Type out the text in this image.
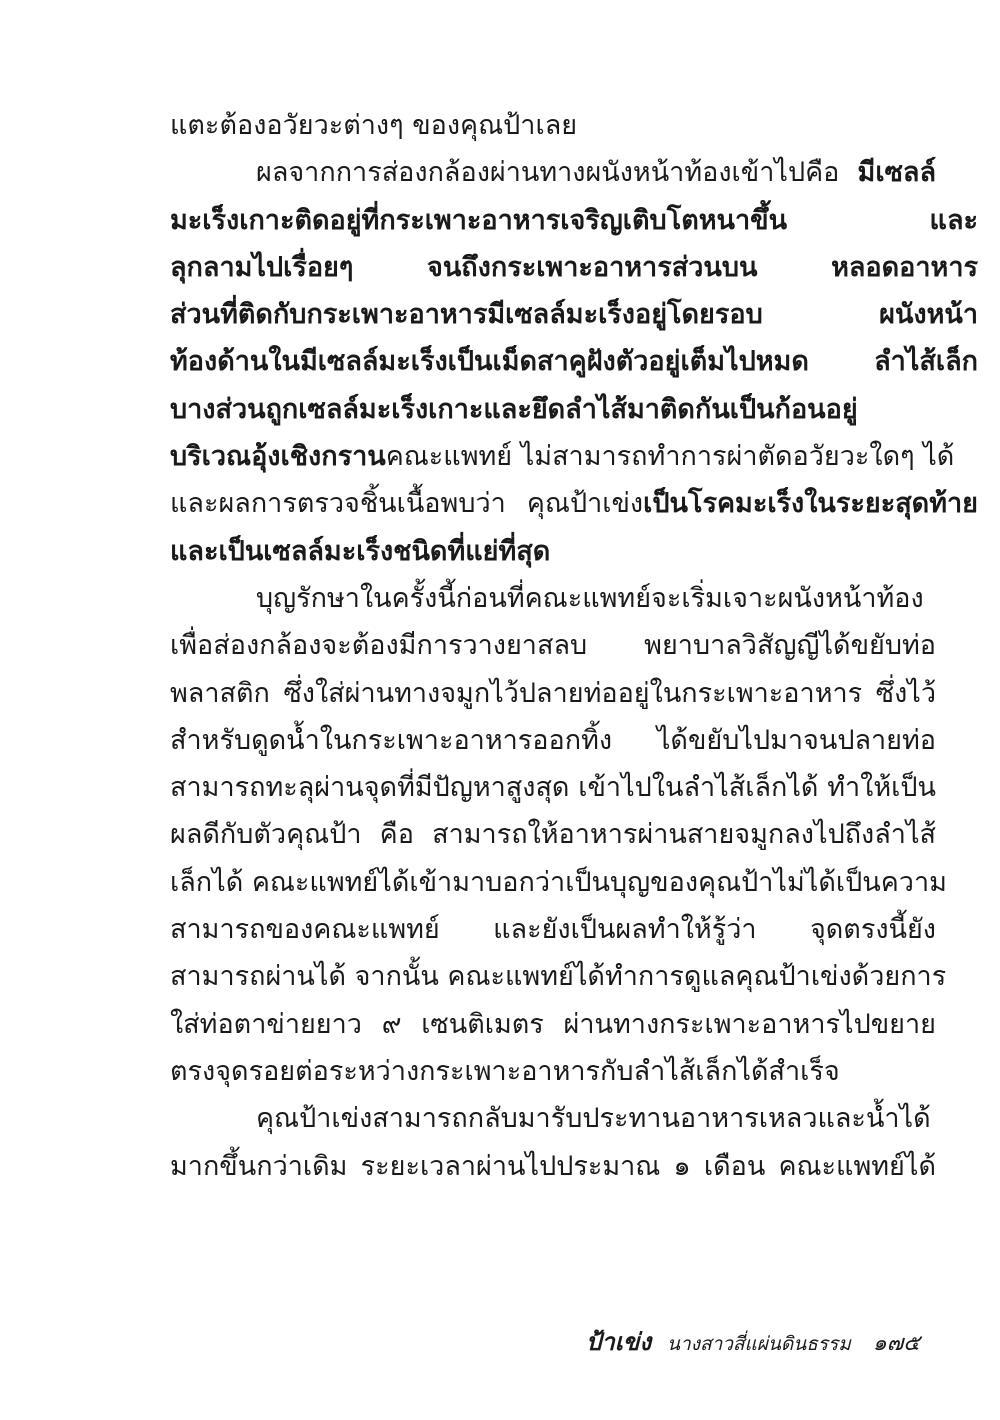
แตะต้องอวัยวะต่างๆ ของคุณป้าเลย
ผลจากการส่องกล้องผ่านทางผนังหน้าท้องเข้าไปคือ มีเซลล์
มะเร็งเกาะติดอยู่ที่กระเพาะอาหารเจริญเติบโตหนาขึ้น และ
ลุกลามไปเรื่อยๆ จนถึงกระเพาะอาหารส่วนบน หลอดอาหาร
ส่วนที่ติดกับกระเพาะอาหารมีเซลล์มะเร็งอยู่โดยรอบ ผนังหน้า
ท้องด้านในมีเซลล์มะเร็งเป็นเม็ดสาคูฝังตัวอยู่เต็มไปหมด ลำไส้เล็ก
บางส่วนถูกเซลล์มะเร็งเกาะและยึดลำไส้มาติดกันเป็นก้อนอยู่
บริเวณอุ้งเชิงกรานคณะแพทย์ ไม่สามารถทำการผ่าตัดอวัยวะใดๆ ได้
และผลการตรวจชิ้นเนื้อพบว่า คุณป้าเข่งเป็นโรคมะเร็งในระยะสุดท้าย
และเป็นเซลล์มะเร็งชนิดที่แย่ที่สุด
บุญรักษาในครั้งนี้ก่อนที่คณะแพทย์จะเริ่มเจาะผนังหน้าท้อง
เพื่อส่องกล้องจะต้องมีการวางยาสลบ พยาบาลวิสัญญีได้ขยับท่อ
พลาสติก ซึ่งใส่ผ่านทางจมูกไว้ปลายท่ออยู่ในกระเพาะอาหาร ซึ่งไว้
สำหรับดูดน้ำในกระเพาะอาหารออกทิ้ง ได้ขยับไปมาจนปลายท่อ
สามารถทะลุผ่านจุดที่มีปัญหาสูงสุด เข้าไปในลำไส้เล็กได้ ทำให้เป็น
ผลดีกับตัวคุณป้า คือ สามารถให้อาหารผ่านสายจมูกลงไปถึงลำไส้
เล็กได้ คณะแพทย์ได้เข้ามาบอกว่าเป็นบุญของคุณป้าไม่ได้เป็นความ
สามารถของคณะแพทย์ และยังเป็นผลทำให้รู้ว่า จุดตรงนี้ยัง
สามารถผ่านได้ จากนั้น คณะแพทย์ได้ทำการดูแลคุณป้าเข่งด้วยการ
ใส่ท่อตาข่ายยาว ๙ เซนติเมตร ผ่านทางกระเพาะอาหารไปขยาย
ตรงจุดรอยต่อระหว่างกระเพาะอาหารกับลำไส้เล็กได้สำเร็จ
คุณป้าเข่งสามารถกลับมารับประทานอาหารเหลวและน้ำได้
มากขึ้นกว่าเดิม ระยะเวลาผ่านไปประมาณ ๑ เดือน คณะแพทย์ได้
ป้าเข่ง นางสาวสี่แผ่นดินธรรม ๑๗๕
